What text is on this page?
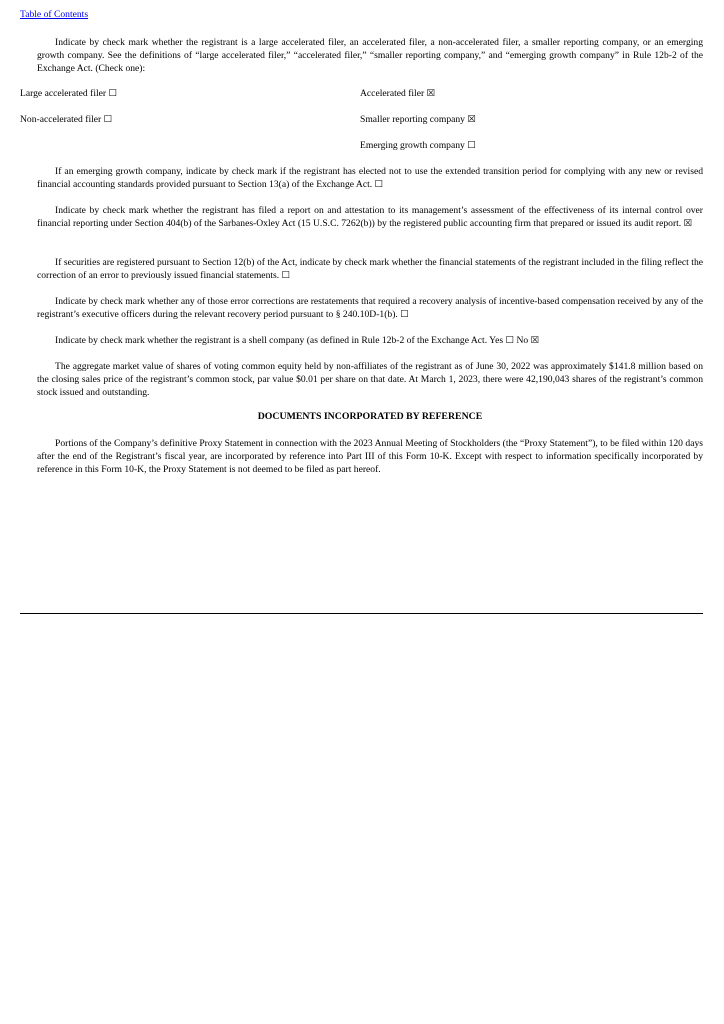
Table of Contents

Indicate by check mark whether the registrant is a large accelerated filer, an accelerated filer, a non-accelerated filer, a smaller reporting company, or an emerging growth company. See the definitions of “large accelerated filer,” “accelerated filer,” “smaller reporting company,” and “emerging growth company” in Rule 12b-2 of the Exchange Act. (Check one):

Large accelerated filer ☐	Accelerated filer ☒
Non-accelerated filer ☐	Smaller reporting company ☒
Emerging growth company ☐

If an emerging growth company, indicate by check mark if the registrant has elected not to use the extended transition period for complying with any new or revised financial accounting standards provided pursuant to Section 13(a) of the Exchange Act. ☐

Indicate by check mark whether the registrant has filed a report on and attestation to its management’s assessment of the effectiveness of its internal control over financial reporting under Section 404(b) of the Sarbanes-Oxley Act (15 U.S.C. 7262(b)) by the registered public accounting firm that prepared or issued its audit report. ☒

If securities are registered pursuant to Section 12(b) of the Act, indicate by check mark whether the financial statements of the registrant included in the filing reflect the correction of an error to previously issued financial statements. ☐

Indicate by check mark whether any of those error corrections are restatements that required a recovery analysis of incentive-based compensation received by any of the registrant’s executive officers during the relevant recovery period pursuant to § 240.10D-1(b). ☐

Indicate by check mark whether the registrant is a shell company (as defined in Rule 12b-2 of the Exchange Act. Yes ☐ No ☒

The aggregate market value of shares of voting common equity held by non-affiliates of the registrant as of June 30, 2022 was approximately $141.8 million based on the closing sales price of the registrant’s common stock, par value $0.01 per share on that date. At March 1, 2023, there were 42,190,043 shares of the registrant’s common stock issued and outstanding.

DOCUMENTS INCORPORATED BY REFERENCE

Portions of the Company’s definitive Proxy Statement in connection with the 2023 Annual Meeting of Stockholders (the “Proxy Statement”), to be filed within 120 days after the end of the Registrant’s fiscal year, are incorporated by reference into Part III of this Form 10-K. Except with respect to information specifically incorporated by reference in this Form 10-K, the Proxy Statement is not deemed to be filed as part hereof.
